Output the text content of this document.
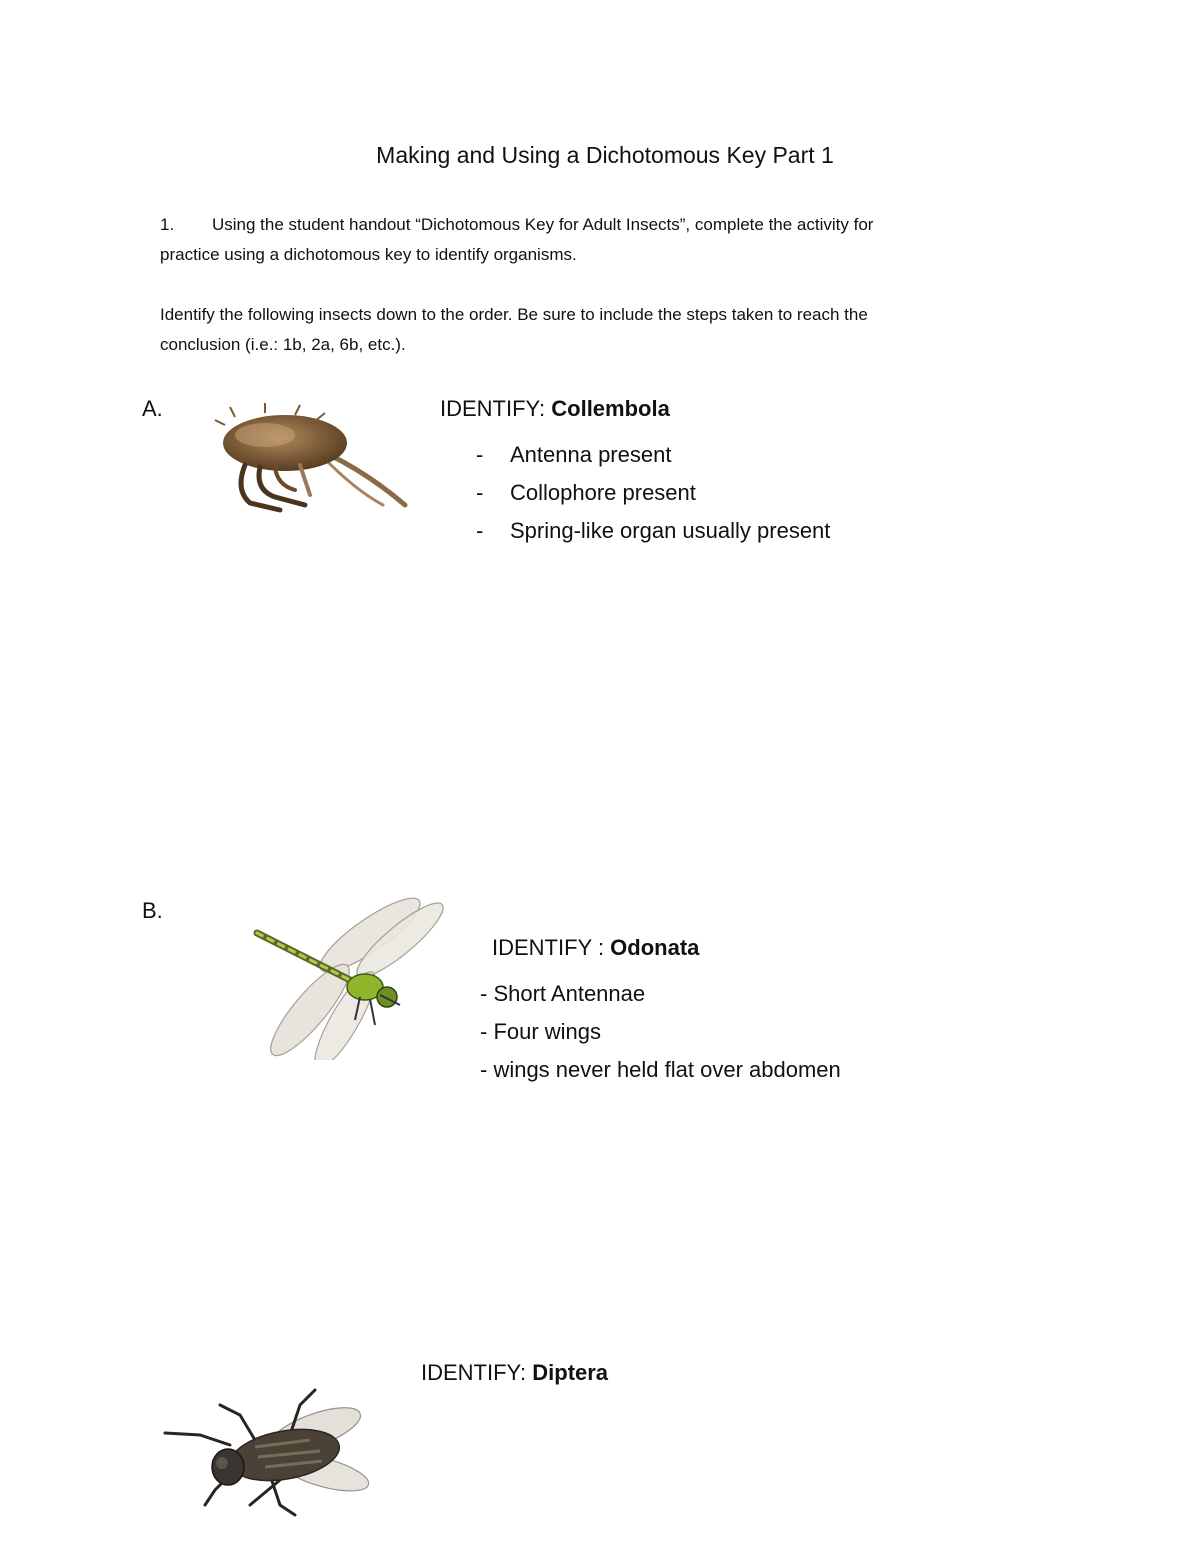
Making and Using a Dichotomous Key Part 1
1. Using the student handout “Dichotomous Key for Adult Insects”, complete the activity for
practice using a dichotomous key to identify organisms.
Identify the following insects down to the order. Be sure to include the steps taken to reach the
conclusion (i.e.: 1b, 2a, 6b, etc.).
A.	IDENTIFY: Collembola
- Antenna present
- Collophore present
- Spring-like organ usually present
B.
IDENTIFY : Odonata
- Short Antennae
- Four wings
- wings never held flat over abdomen
IDENTIFY: Diptera
